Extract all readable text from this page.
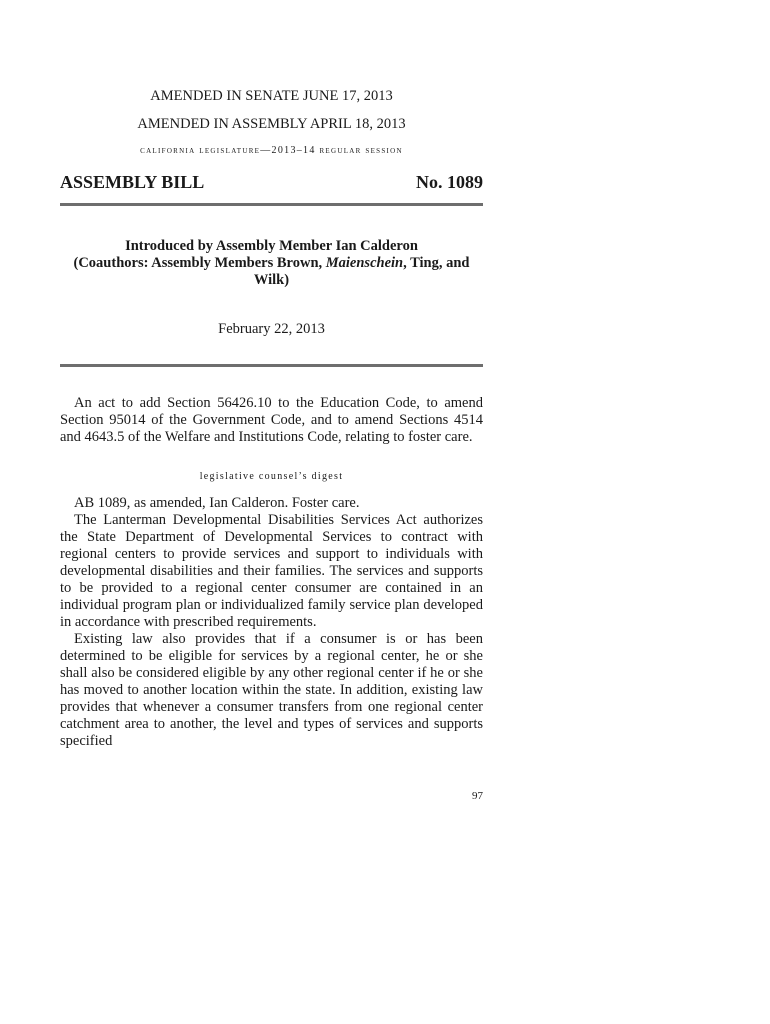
AMENDED IN SENATE JUNE 17, 2013
AMENDED IN ASSEMBLY APRIL 18, 2013
california legislature—2013–14 regular session
ASSEMBLY BILL	No. 1089
Introduced by Assembly Member Ian Calderon
(Coauthors: Assembly Members Brown, Maienschein, Ting, and Wilk)
February 22, 2013

An act to add Section 56426.10 to the Education Code, to amend Section 95014 of the Government Code, and to amend Sections 4514 and 4643.5 of the Welfare and Institutions Code, relating to foster care.

legislative counsel’s digest

AB 1089, as amended, Ian Calderon. Foster care.

The Lanterman Developmental Disabilities Services Act authorizes the State Department of Developmental Services to contract with regional centers to provide services and support to individuals with developmental disabilities and their families. The services and supports to be provided to a regional center consumer are contained in an individual program plan or individualized family service plan developed in accordance with prescribed requirements.

Existing law also provides that if a consumer is or has been determined to be eligible for services by a regional center, he or she shall also be considered eligible by any other regional center if he or she has moved to another location within the state. In addition, existing law provides that whenever a consumer transfers from one regional center catchment area to another, the level and types of services and supports specified

97
